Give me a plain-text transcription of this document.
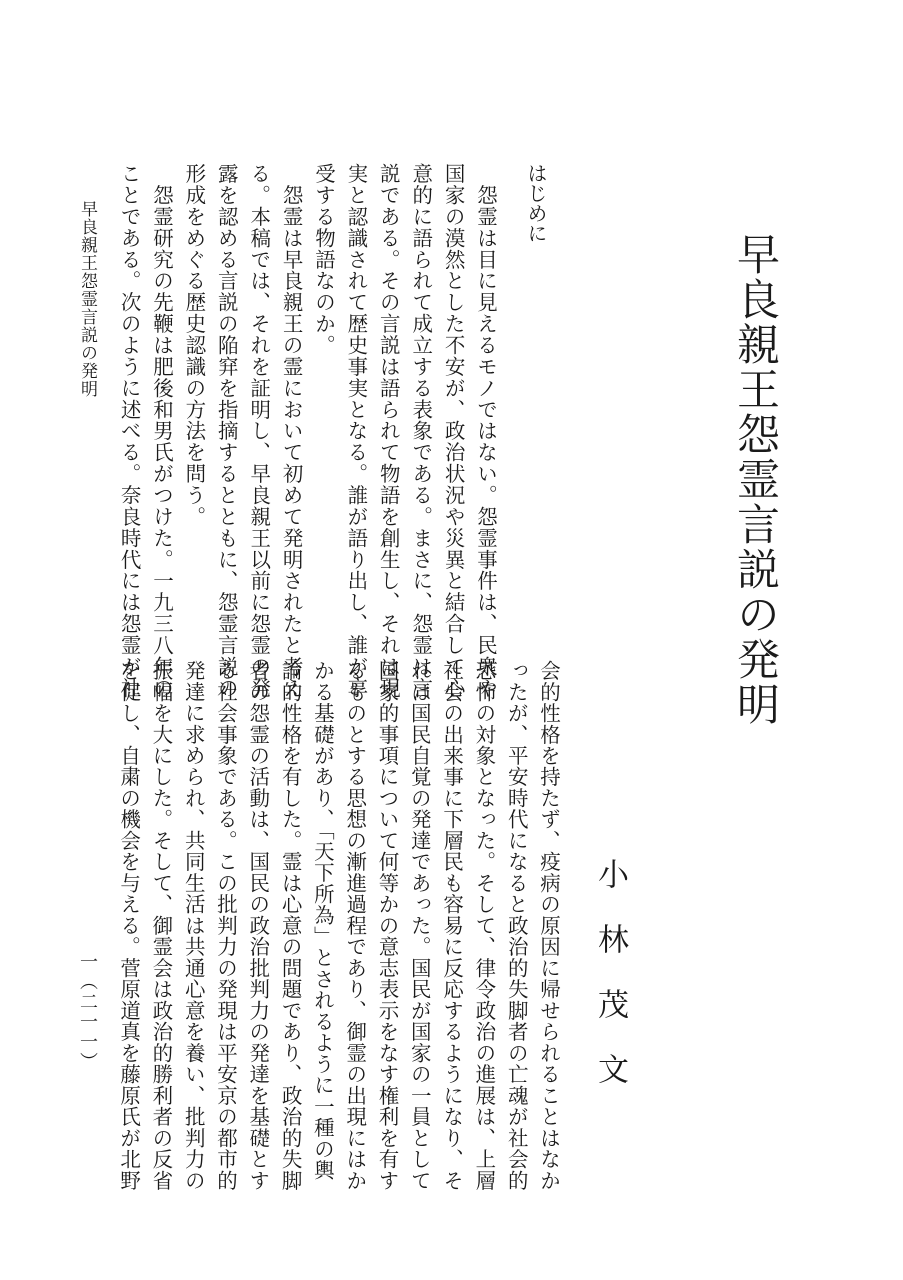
早良親王怨霊言説の発明
小林茂文
はじめに
　怨霊は目に見えるモノではない。怨霊事件は、民衆や
国家の漠然とした不安が、政治状況や災異と結合して心
意的に語られて成立する表象である。まさに、怨霊は言
説である。その言説は語られて物語を創生し、それは現
実と認識されて歴史事実となる。誰が語り出し、誰が享
受する物語なのか。
　怨霊は早良親王の霊において初めて発明されたと考え
る。本稿では、それを証明し、早良親王以前に怨霊の発
露を認める言説の陥穽を指摘するとともに、怨霊言説の
形成をめぐる歴史認識の方法を問う。
　怨霊研究の先鞭は肥後和男氏がつけた。一九三八年の
ことである。次のように述べる。奈良時代には怨霊が社
会的性格を持たず、疫病の原因に帰せられることはなか
ったが、平安時代になると政治的失脚者の亡魂が社会的
恐怖の対象となった。そして、律令政治の進展は、上層
社会の出来事に下層民も容易に反応するようになり、そ
れは国民自覚の発達であった。国民が国家の一員として
国家的事項について何等かの意志表示をなす権利を有す
るものとする思想の漸進過程であり、御霊の出現にはか
かる基礎があり、「天下所為」とされるように一種の輿
論的性格を有した。霊は心意の問題であり、政治的失脚
者の怨霊の活動は、国民の政治批判力の発達を基礎とす
る社会事象である。この批判力の発現は平安京の都市的
発達に求められ、共同生活は共通心意を養い、批判力の
振幅を大にした。そして、御霊会は政治的勝利者の反省
を促し、自粛の機会を与える。菅原道真を藤原氏が北野
早良親王怨霊言説の発明
一（二一一）
